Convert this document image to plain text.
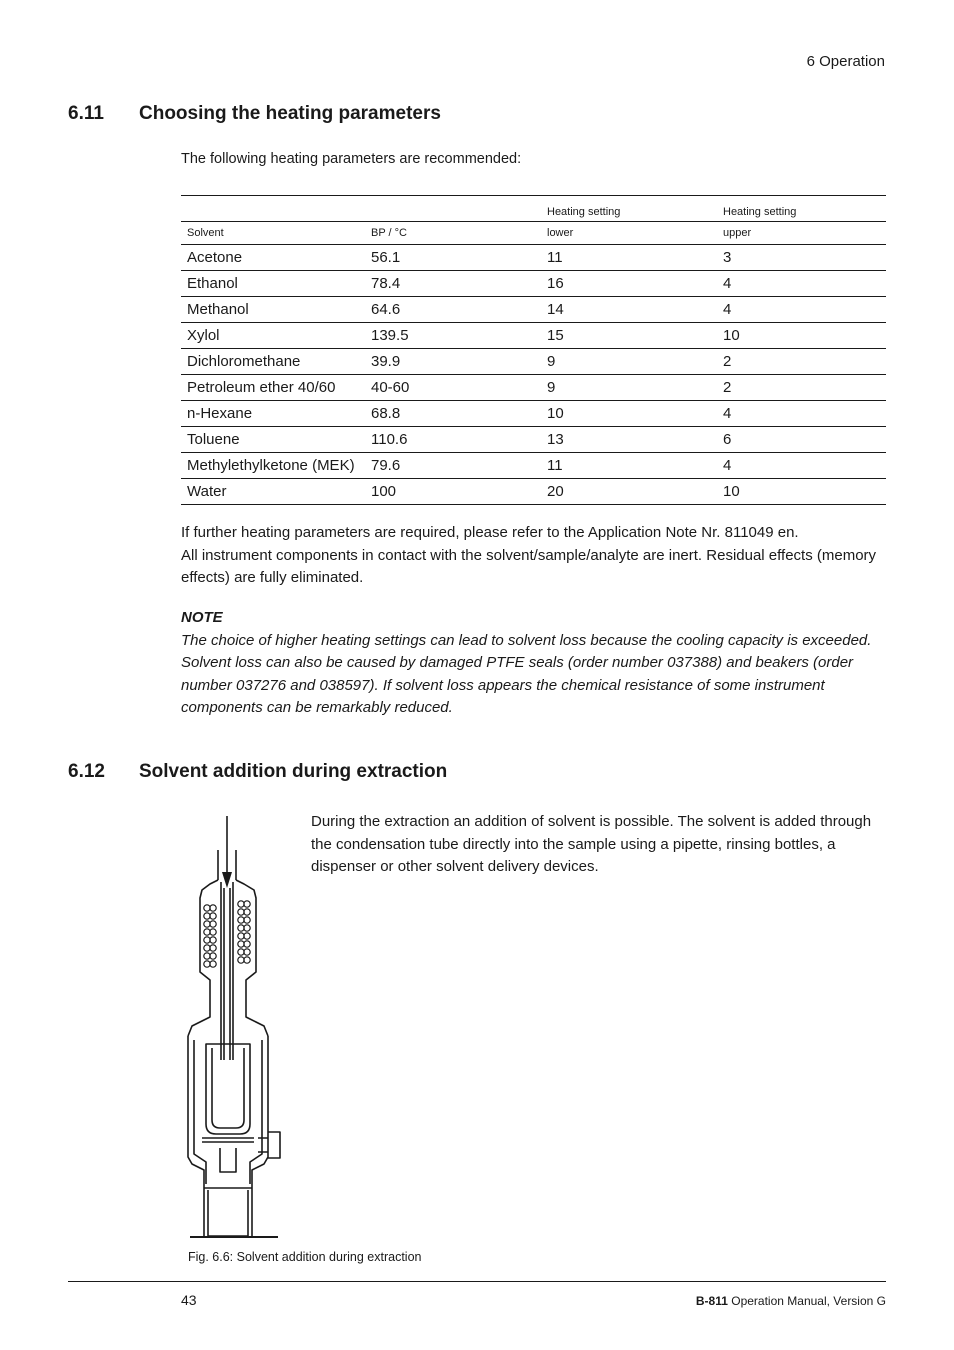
6 Operation
6.11 Choosing the heating parameters
The following heating parameters are recommended:
		Heating setting	Heating setting
Solvent	BP / °C	lower	upper
Acetone	56.1	11	3
Ethanol	78.4	16	4
Methanol	64.6	14	4
Xylol	139.5	15	10
Dichloromethane	39.9	9	2
Petroleum ether 40/60	40-60	9	2
n-Hexane	68.8	10	4
Toluene	110.6	13	6
Methylethylketone (MEK)	79.6	11	4
Water	100	20	10
If further heating parameters are required, please refer to the Application Note Nr. 811049 en.
All instrument components in contact with the solvent/sample/analyte are inert. Residual effects (memory effects) are fully eliminated.
NOTE
The choice of higher heating settings can lead to solvent loss because the cooling capacity is exceeded. Solvent loss can also be caused by damaged PTFE seals (order number 037388) and beakers (order number 037276 and 038597). If solvent loss appears the chemical resistance of some instrument components can be remarkably reduced.
6.12 Solvent addition during extraction
During the extraction an addition of solvent is possible. The solvent is added through the condensation tube directly into the sample using a pipette, rinsing bottles, a dispenser or other solvent delivery devices.
Fig. 6.6: Solvent addition during extraction
43	B-811 Operation Manual, Version G
